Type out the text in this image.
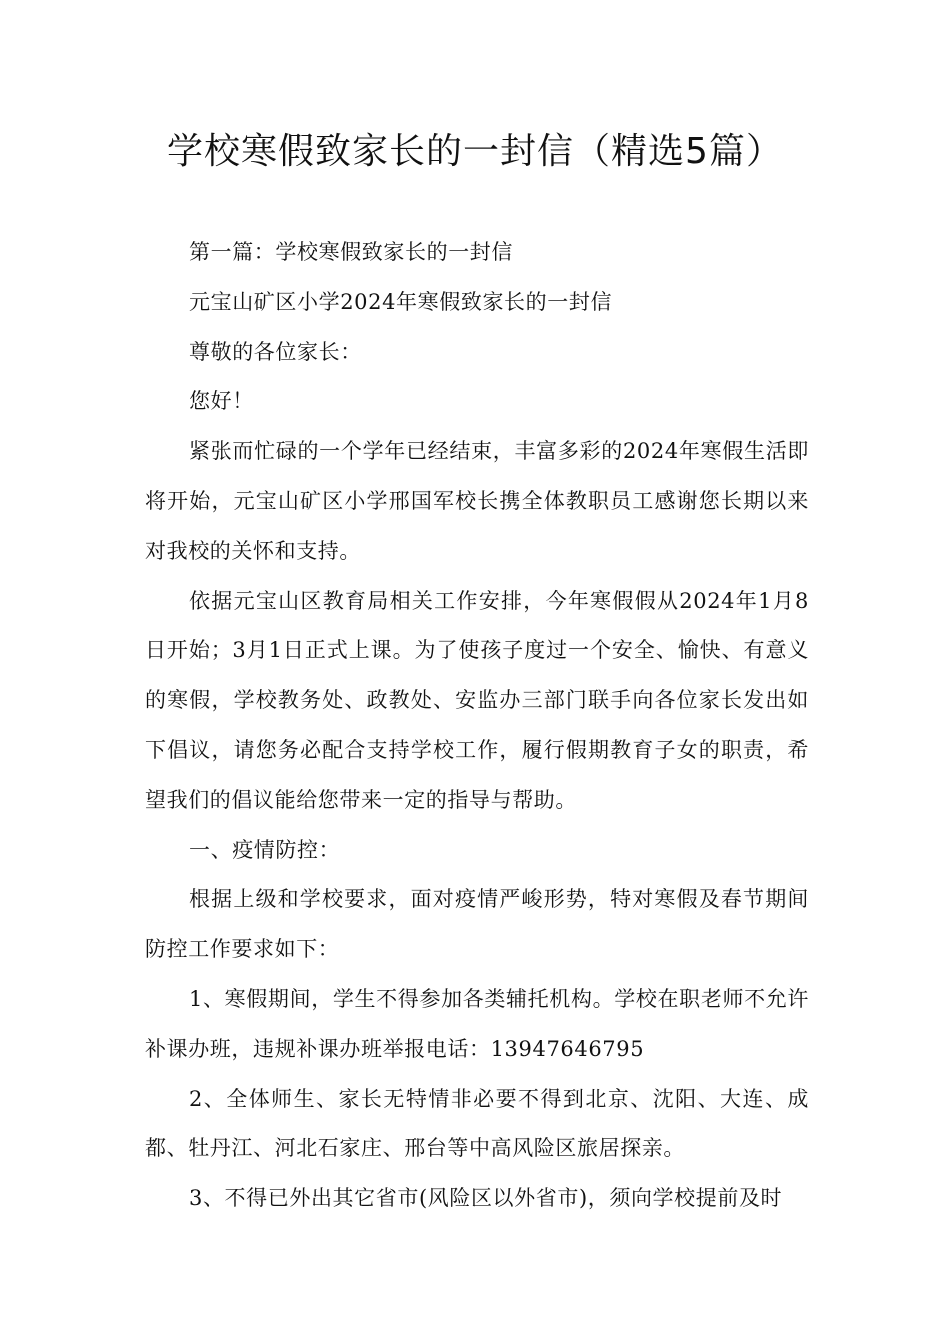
学校寒假致家长的一封信（精选5篇）

第一篇：学校寒假致家长的一封信

元宝山矿区小学2024年寒假致家长的一封信

尊敬的各位家长：

您好！

紧张而忙碌的一个学年已经结束，丰富多彩的2024年寒假生活即将开始，元宝山矿区小学邢国军校长携全体教职员工感谢您长期以来对我校的关怀和支持。

依据元宝山区教育局相关工作安排，今年寒假假从2024年1月8日开始；3月1日正式上课。为了使孩子度过一个安全、愉快、有意义的寒假，学校教务处、政教处、安监办三部门联手向各位家长发出如下倡议，请您务必配合支持学校工作，履行假期教育子女的职责，希望我们的倡议能给您带来一定的指导与帮助。

一、疫情防控：

根据上级和学校要求，面对疫情严峻形势，特对寒假及春节期间防控工作要求如下：

1、寒假期间，学生不得参加各类辅托机构。学校在职老师不允许补课办班，违规补课办班举报电话：13947646795

2、全体师生、家长无特情非必要不得到北京、沈阳、大连、成都、牡丹江、河北石家庄、邢台等中高风险区旅居探亲。

3、不得已外出其它省市(风险区以外省市)，须向学校提前及时
